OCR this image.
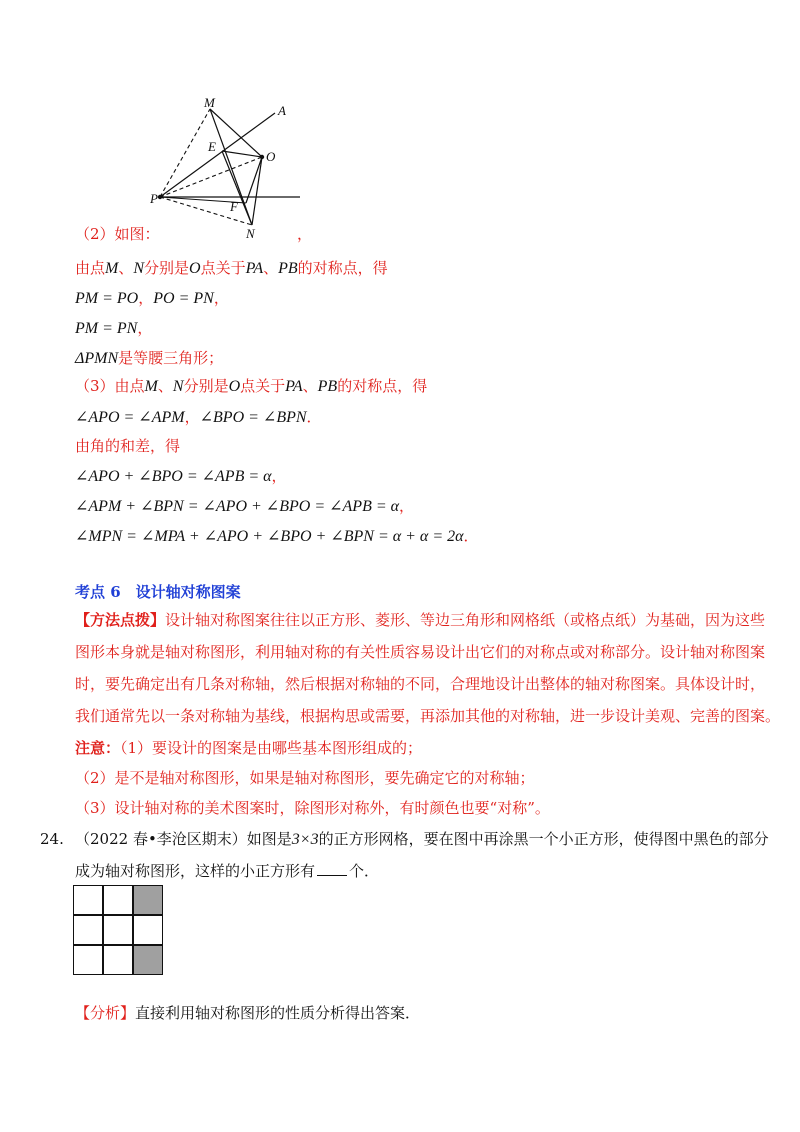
M
A
E
O
P
F
N
（2）如图：	，
由点M、N分别是O点关于PA、PB的对称点，得
PM = PO，PO = PN，
PM = PN，
ΔPMN是等腰三角形；
（3）由点M、N分别是O点关于PA、PB的对称点，得
∠APO = ∠APM，∠BPO = ∠BPN．
由角的和差，得
∠APO + ∠BPO = ∠APB = α，
∠APM + ∠BPN = ∠APO + ∠BPO = ∠APB = α，
∠MPN = ∠MPA + ∠APO + ∠BPO + ∠BPN = α + α = 2α．
考点 6　设计轴对称图案
【方法点拨】设计轴对称图案往往以正方形、菱形、等边三角形和网格纸（或格点纸）为基础，因为这些
图形本身就是轴对称图形，利用轴对称的有关性质容易设计出它们的对称点或对称部分。设计轴对称图案
时，要先确定出有几条对称轴，然后根据对称轴的不同，合理地设计出整体的轴对称图案。具体设计时，
我们通常先以一条对称轴为基线，根据构思或需要，再添加其他的对称轴，进一步设计美观、完善的图案。
注意：（1）要设计的图案是由哪些基本图形组成的；
（2）是不是轴对称图形，如果是轴对称图形，要先确定它的对称轴；
（3）设计轴对称的美术图案时，除图形对称外，有时颜色也要“对称”。
24. （2022 春•李沧区期末）如图是3×3的正方形网格，要在图中再涂黑一个小正方形，使得图中黑色的部分
成为轴对称图形，这样的小正方形有 个．
【分析】直接利用轴对称图形的性质分析得出答案．
